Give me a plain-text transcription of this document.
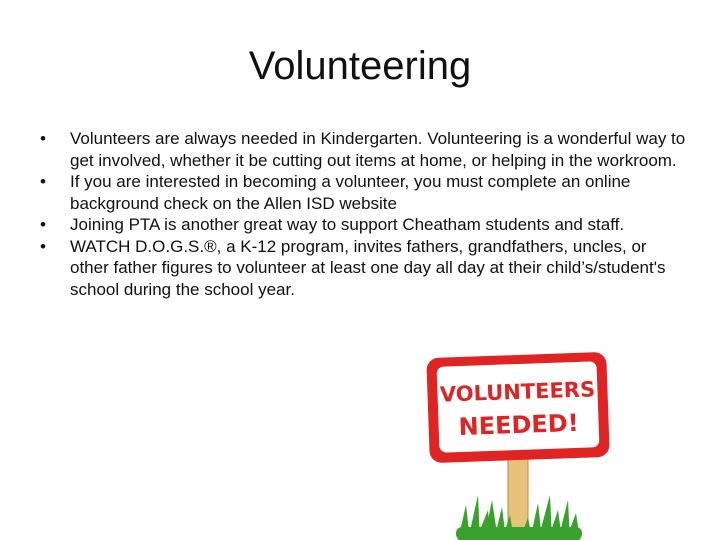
Volunteering
•	Volunteers are always needed in Kindergarten. Volunteering is a wonderful way to get involved, whether it be cutting out items at home, or helping in the workroom.
•	If you are interested in becoming a volunteer, you must complete an online background check on the Allen ISD website
•	Joining PTA is another great way to support Cheatham students and staff.
•	WATCH D.O.G.S.®, a K-12 program, invites fathers, grandfathers, uncles, or other father figures to volunteer at least one day all day at their child’s/student's school during the school year.
VOLUNTEERS
NEEDED!
